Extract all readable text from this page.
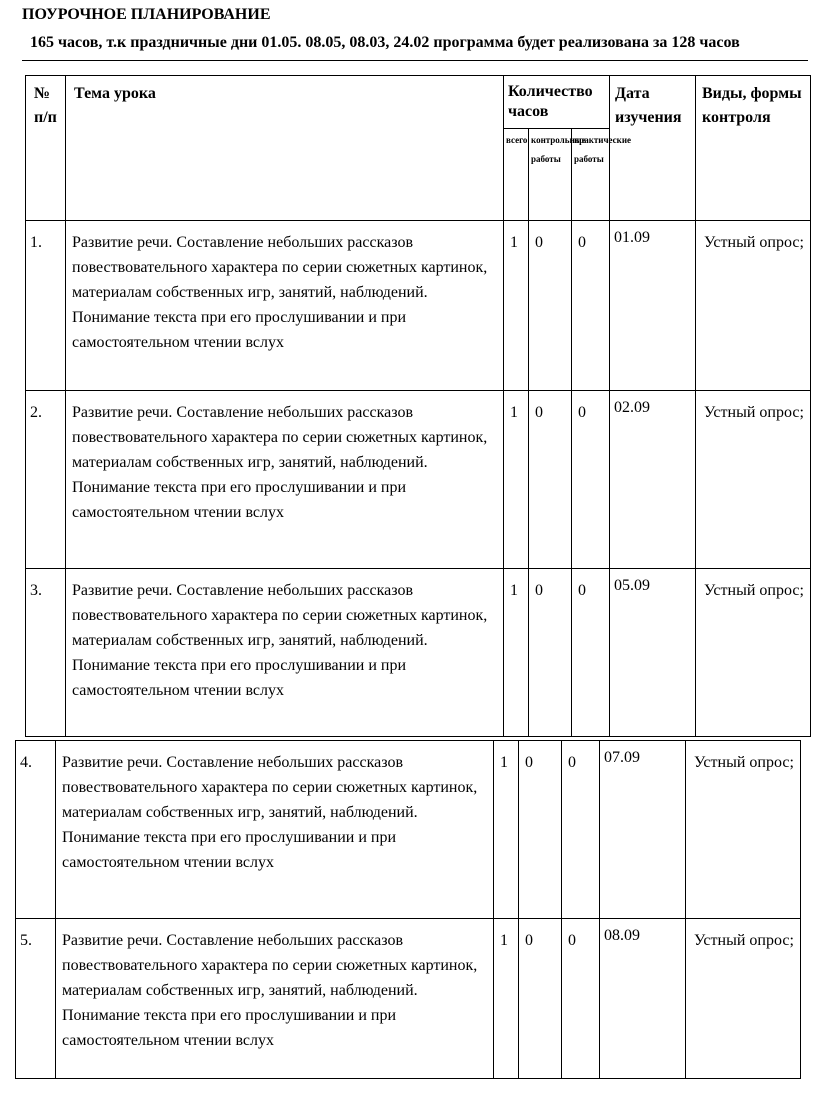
ПОУРОЧНОЕ ПЛАНИРОВАНИЕ
165 часов, т.к праздничные дни 01.05. 08.05, 08.03, 24.02 программа будет реализована за 128 часов
№ п/п	Тема урока	Количество часов			Дата изучения	Виды, формы контроля
		всего	контрольные работы	практические работы		
1.	Развитие речи. Составление небольших рассказов повествовательного характера по серии сюжетных картинок, материалам собственных игр, занятий, наблюдений.
Понимание текста при его прослушивании и при самостоятельном чтении вслух	1	0	0	01.09	Устный опрос;
2.	Развитие речи. Составление небольших рассказов повествовательного характера по серии сюжетных картинок, материалам собственных игр, занятий, наблюдений.
Понимание текста при его прослушивании и при самостоятельном чтении вслух	1	0	0	02.09	Устный опрос;
3.	Развитие речи. Составление небольших рассказов повествовательного характера по серии сюжетных картинок, материалам собственных игр, занятий, наблюдений.
Понимание текста при его прослушивании и при самостоятельном чтении вслух	1	0	0	05.09	Устный опрос;
4.	Развитие речи. Составление небольших рассказов повествовательного характера по серии сюжетных картинок, материалам собственных игр, занятий, наблюдений.
Понимание текста при его прослушивании и при самостоятельном чтении вслух	1	0	0	07.09	Устный опрос;
5.	Развитие речи. Составление небольших рассказов повествовательного характера по серии сюжетных картинок, материалам собственных игр, занятий, наблюдений.
Понимание текста при его прослушивании и при самостоятельном чтении вслух	1	0	0	08.09	Устный опрос;
